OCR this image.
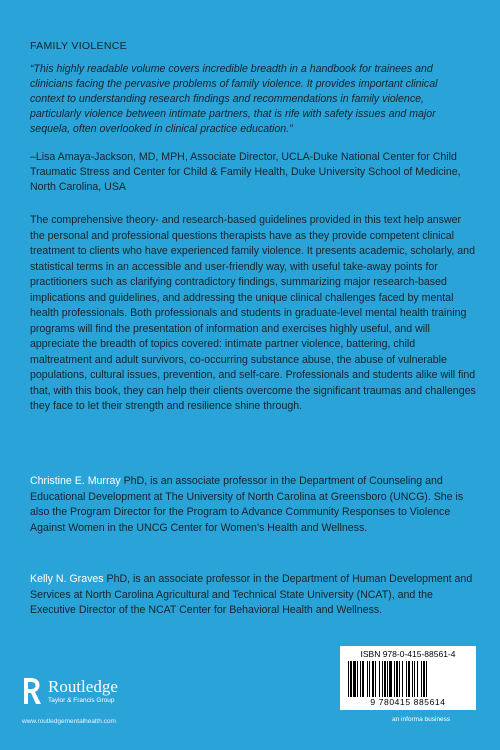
FAMILY VIOLENCE

“This highly readable volume covers incredible breadth in a handbook for trainees and clinicians facing the pervasive problems of family violence. It provides important clinical context to understanding research findings and recommendations in family violence, particularly violence between intimate partners, that is rife with safety issues and major sequela, often overlooked in clinical practice education.”

–Lisa Amaya-Jackson, MD, MPH, Associate Director, UCLA-Duke National Center for Child Traumatic Stress and Center for Child & Family Health, Duke University School of Medicine, North Carolina, USA

The comprehensive theory- and research-based guidelines provided in this text help answer the personal and professional questions therapists have as they provide competent clinical treatment to clients who have experienced family violence. It presents academic, scholarly, and statistical terms in an accessible and user-friendly way, with useful take-away points for practitioners such as clarifying contradictory findings, summarizing major research-based implications and guidelines, and addressing the unique clinical challenges faced by mental health professionals. Both professionals and students in graduate-level mental health training programs will find the presentation of information and exercises highly useful, and will appreciate the breadth of topics covered: intimate partner violence, battering, child maltreatment and adult survivors, co-occurring substance abuse, the abuse of vulnerable populations, cultural issues, prevention, and self-care. Professionals and students alike will find that, with this book, they can help their clients overcome the significant traumas and challenges they face to let their strength and resilience shine through.

Christine E. Murray PhD, is an associate professor in the Department of Counseling and Educational Development at The University of North Carolina at Greensboro (UNCG). She is also the Program Director for the Program to Advance Community Responses to Violence Against Women in the UNCG Center for Women’s Health and Wellness.

Kelly N. Graves PhD, is an associate professor in the Department of Human Development and Services at North Carolina Agricultural and Technical State University (NCAT), and the Executive Director of the NCAT Center for Behavioral Health and Wellness.

Routledge
Taylor & Francis Group
www.routledgementalhealth.com
ISBN 978-0-415-88561-4
9 780415 885614
an informa business
